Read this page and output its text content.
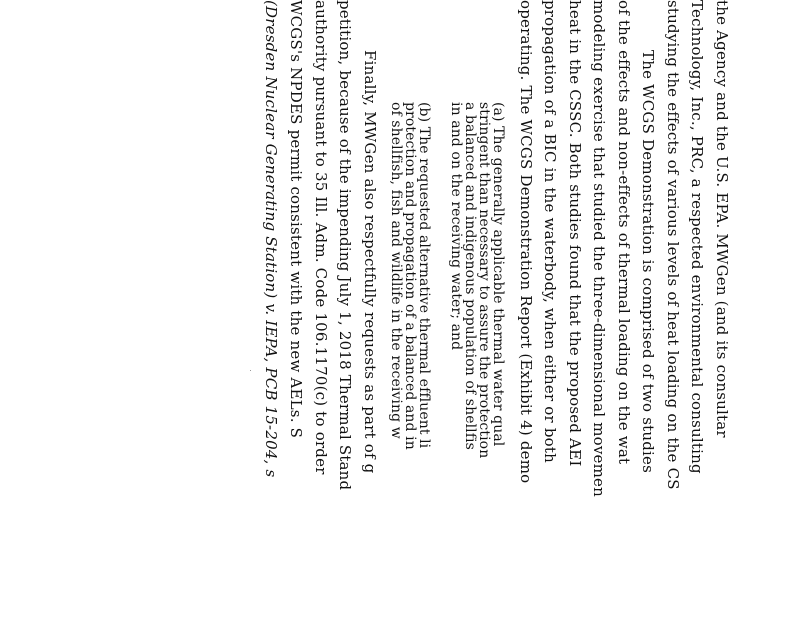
the Agency and the U.S. EPA. MWGen (and its consultar
Technology, Inc., PRC, a respected environmental consulting
studying the effects of various levels of heat loading on the CS
The WCGS Demonstration is comprised of two studies
of the effects and non-effects of thermal loading on the wat
modeling exercise that studied the three-dimensional movemen
heat in the CSSC. Both studies found that the proposed AEI
propagation of a BIC in the waterbody, when either or both
operating. The WCGS Demonstration Report (Exhibit 4) demo
(a) The generally applicable thermal water qual
stringent than necessary to assure the protection
a balanced and indigenous population of shellfis
in and on the receiving water; and
(b) The requested alternative thermal effluent li
protection and propagation of a balanced and in
of shellfish, fish and wildlife in the receiving w
Finally, MWGen also respectfully requests as part of g
petition, because of the impending July 1, 2018 Thermal Stand
authority pursuant to 35 Ill. Adm. Code 106.1170(c) to order
WCGS's NPDES permit consistent with the new AELs. S
(Dresden Nuclear Generating Station) v. IEPA, PCB 15-204, s
